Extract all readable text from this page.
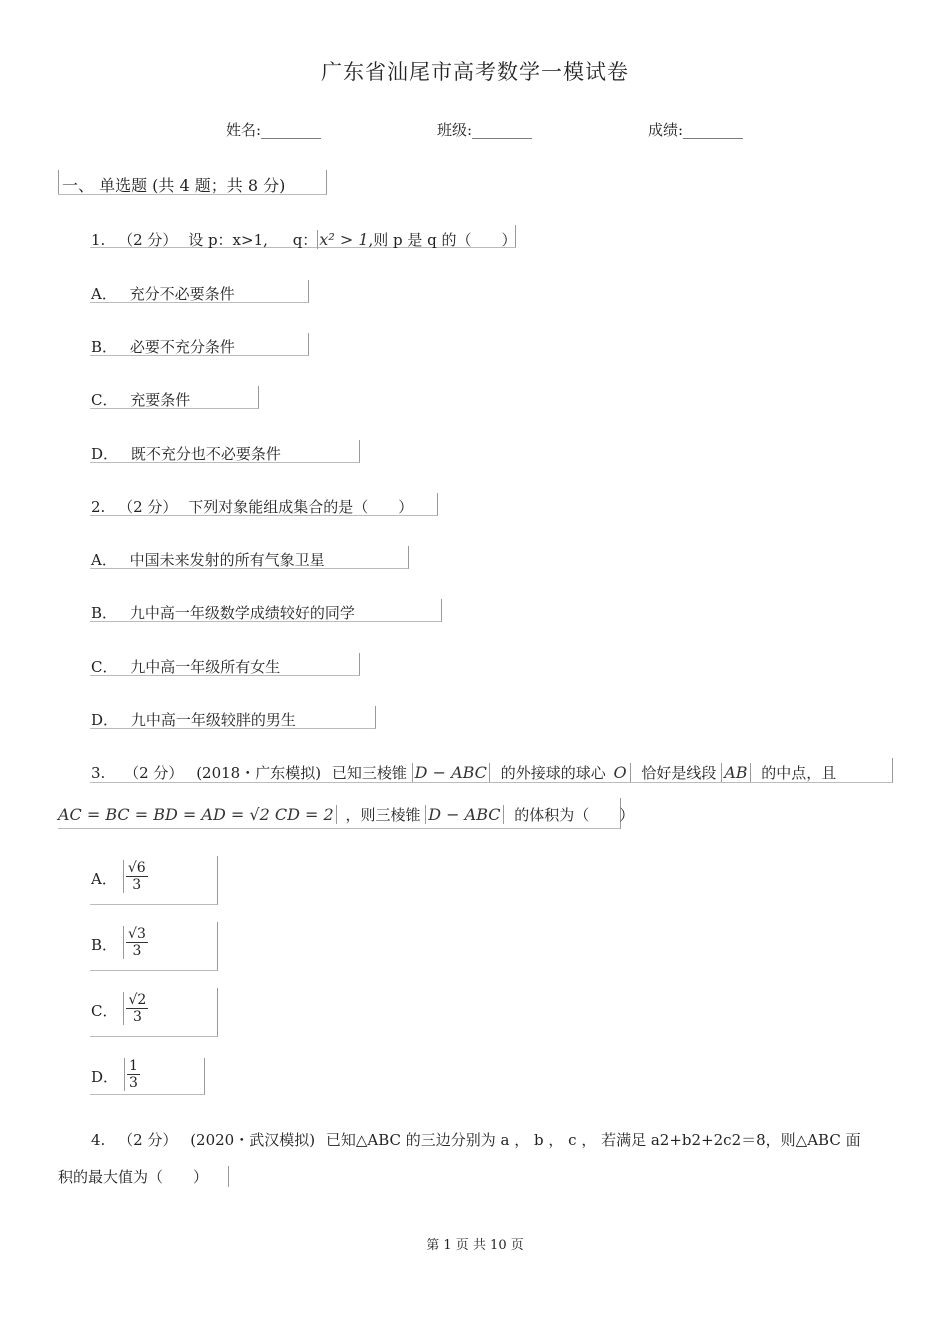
广东省汕尾市高考数学一模试卷
姓名:________	班级:________	成绩:________
一、 单选题 (共 4 题；共 8 分)
1. （2 分） 设 p：x>1, q： x² > 1,则 p 是 q 的（　　）
A． 充分不必要条件
B． 必要不充分条件
C． 充要条件
D． 既不充分也不必要条件
2. （2 分） 下列对象能组成集合的是（　　）
A． 中国未来发射的所有气象卫星
B． 九中高一年级数学成绩较好的同学
C． 九中高一年级所有女生
D． 九中高一年级较胖的男生
3. （2 分） (2018・广东模拟) 已知三棱锥 D − ABC 的外接球的球心 O 恰好是线段 AB 的中点，且
AC = BC = BD = AD = √2 CD = 2 ，则三棱锥 D − ABC 的体积为（　　）
A． $\frac{√6}{3}$
B． $\frac{√3}{3}$
C． $\frac{√2}{3}$
D． $\frac{1}{3}$
4. （2 分） (2020・武汉模拟) 已知△ABC 的三边分别为 a ， b ， c ， 若满足 a2+b2+2c2＝8，则△ABC 面
积的最大值为（　　）
第 1 页 共 10 页
